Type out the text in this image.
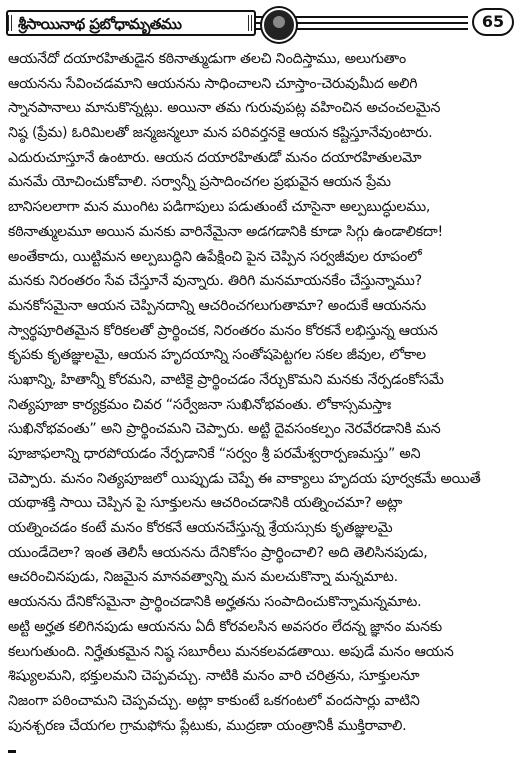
శ్రీసాయినాథ ప్రబోధామృతము	65
ఆయనేదో దయారహితుడైన కఠినాత్ముడుగా తలచి నిందిస్తాము, అలుగుతాం
ఆయనను సేవించడమాని ఆయనను సాధించాలని చూస్తాం-చెరువుమీద అలిగి
స్నానపానాలు మానుకొన్నట్లు. అయినా తమ గురువుపట్ల వహించిన అచంచలమైన
నిష్ఠ (ప్రేమ) ఓరిమిలతో జన్మజన్మలూ మన పరివర్తనకై ఆయన కష్టిస్తూనేవుంటారు.
ఎదురుచూస్తూనే ఉంటారు. ఆయన దయారహితుడో మనం దయారహితులమో
మనమే యోచించుకోవాలి. సర్వాన్నీ ప్రసాదించగల ప్రభువైన ఆయన ప్రేమ
బానిసలలాగా మన ముంగిట పడిగాపులు పడుతుంటే చూసైనా అల్పబుద్ధులము,
కఠినాత్ములమూ అయిన మనకు వారినేమైనా అడగడానికి కూడా సిగ్గు ఉండాలికదా!
అంతేకాదు, యిట్టిమన అల్పబుద్ధిని ఉపేక్షించి పైన చెప్పిన సర్వజీవుల రూపంలో
మనకు నిరంతరం సేవ చేస్తూనే వున్నారు. తిరిగి మనమాయనకేం చేస్తున్నాము?
మనకోసమైనా ఆయన చెప్పినదాన్ని ఆచరించగలుగుతామా? అందుకే ఆయనను
స్వార్థపూరితమైన కోరికలతో ప్రార్థించక, నిరంతరం మనం కోరకనే లభిస్తున్న ఆయన
కృపకు కృతజ్ఞులమై, ఆయన హృదయాన్ని సంతోషపెట్టగల సకల జీవుల, లోకాల
సుఖాన్ని, హితాన్నీ కోరమని, వాటికై ప్రార్థించడం నేర్చుకొమని మనకు నేర్పడంకోసమే
నిత్యపూజా కార్యక్రమం చివర “సర్వేజనా సుఖినోభవంతు. లోకాస్సమస్తాః
సుఖినోభవంతు” అని ప్రార్థించమని చెప్పారు. అట్టి దైవసంకల్పం నెరవేరడానికి మన
పూజాఫలాన్ని ధారపోయడం నేర్పడానికే “సర్వం శ్రీ పరమేశ్వరార్పణమస్తు” అని
చెప్పారు. మనం నిత్యపూజలో యిప్పుడు చెప్పే ఈ వాక్యాలు హృదయ పూర్వకమే అయితే
యథాశక్తి సాయి చెప్పిన పై సూక్తులను ఆచరించడానికి యత్నించమా? అట్లా
యత్నించడం కంటే మనం కోరకనే ఆయనచేస్తున్న శ్రేయస్సుకు కృతజ్ఞులమై
యుండేదెలా? ఇంత తెలిసీ ఆయనను దేనికోసం ప్రార్థించాలి? అది తెలిసినపుడు,
ఆచరించినపుడు, నిజమైన మానవత్వాన్ని మన మలచుకొన్నా మన్నమాట.
ఆయనను దేనికోసమైనా ప్రార్థించడానికి అర్హతను సంపాదించుకొన్నామన్నమాట.
అట్టి అర్హత కలిగినపుడు ఆయనను ఏదీ కోరవలసిన అవసరం లేదన్న జ్ఞానం మనకు
కలుగుతుంది. నిర్హేతుకమైన నిష్ఠ సబూరీలు మనకలవడతాయి. అపుడే మనం ఆయన
శిష్యులమని, భక్తులమని చెప్పవచ్చు. నాటికి మనం వారి చరిత్రను, సూక్తులనూ
నిజంగా పఠించామని చెప్పవచ్చు. అట్లా కాకుంటే ఒకగంటలో వందసార్లు వాటిని
పునశ్చరణ చేయగల గ్రామఫోను ప్లేటుకు, ముద్రణా యంత్రానికీ ముక్తిరావాలి.
